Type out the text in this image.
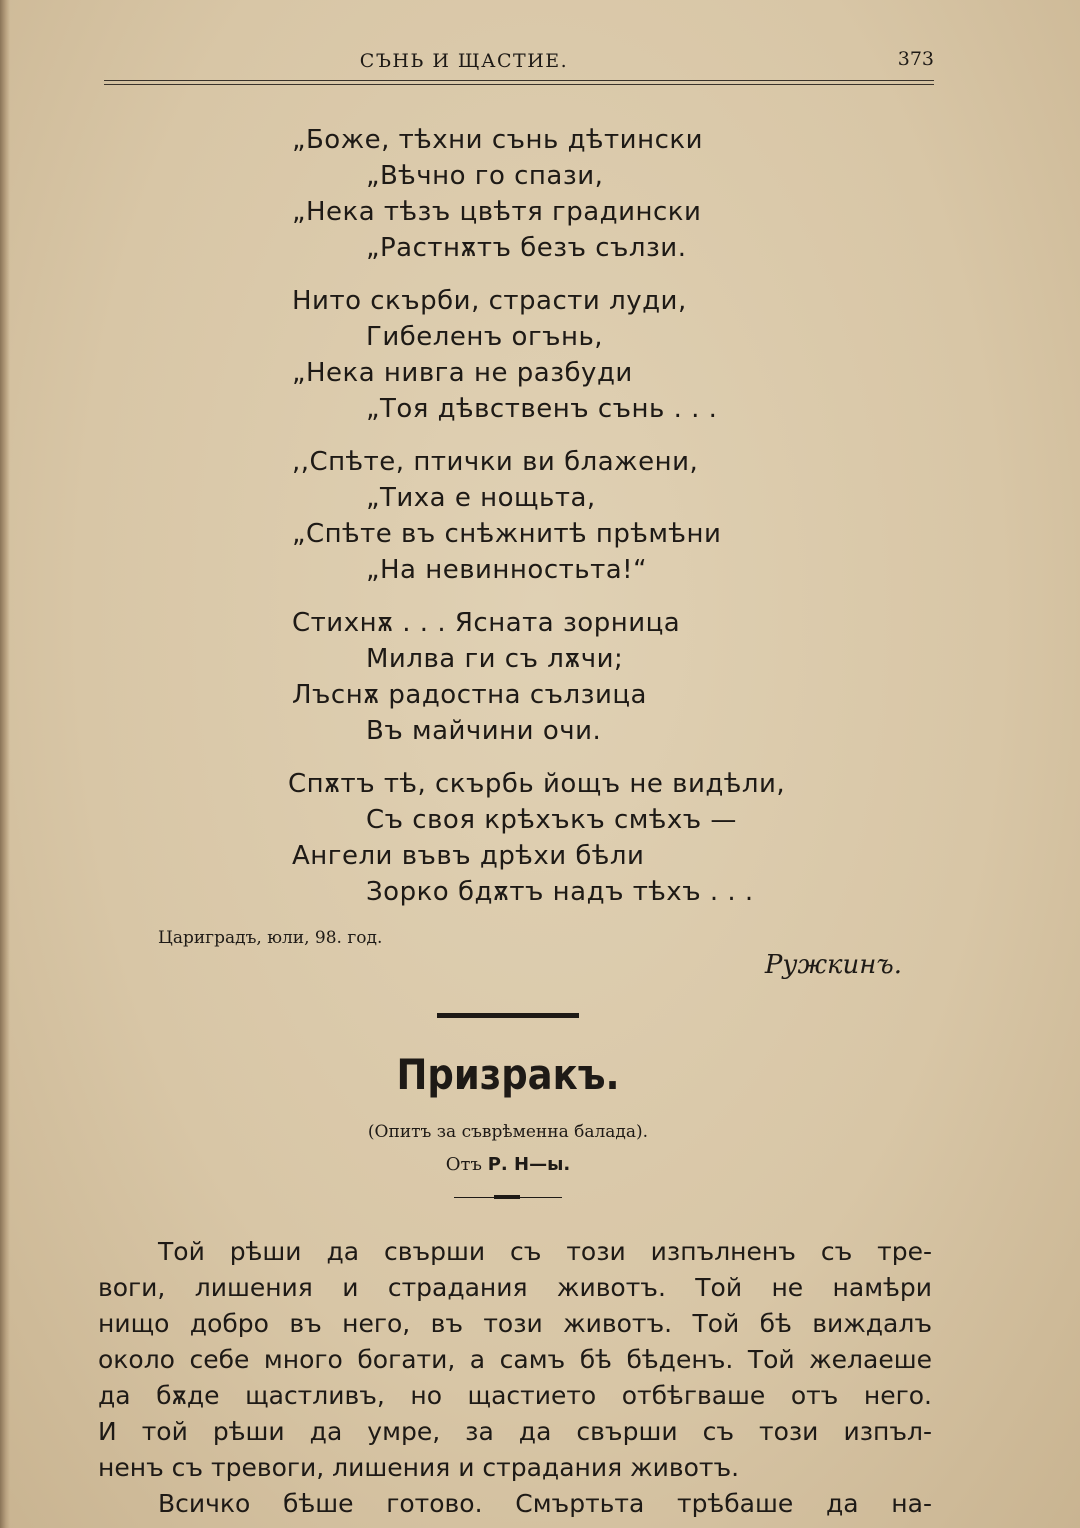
СЪНЬ И ЩАСТИЕ.	373
„Боже, тѣхни сънь дѣтински
„Вѣчно го спази,
„Нека тѣзъ цвѣтя градински
„Растнѫтъ безъ сълзи.
Нито скърби, страсти луди,
Гибеленъ огънь,
„Нека нивга не разбуди
„Тоя дѣвственъ сънь . . .
,,Спѣте, птички ви блажени,
„Тиха е нощьта,
„Спѣте въ снѣжнитѣ прѣмѣни
„На невинностьта!“
Стихнѫ . . . Ясната зорница
Милва ги съ лѫчи;
Лъснѫ радостна сълзица
Въ майчини очи.
Спѫтъ тѣ, скърбь йощъ не видѣли,
Съ своя крѣхъкъ смѣхъ —
Ангели въвъ дрѣхи бѣли
Зорко бдѫтъ надъ тѣхъ . . .
Цариградъ, юли, 98. год.
Ружкинъ.
Призракъ.
(Опитъ за съврѣменна балада).
Отъ Р. Н—ы.
Той рѣши да свърши съ този изпълненъ съ тре-
воги, лишения и страдания животъ. Той не намѣри
нищо добро въ него, въ този животъ. Той бѣ виждалъ
около себе много богати, а самъ бѣ бѣденъ. Той желаеше
да бѫде щастливъ, но щастието отбѣгваше отъ него.
И той рѣши да умре, за да свърши съ този изпъл-
ненъ съ тревоги, лишения и страдания животъ.
Всичко бѣше готово. Смъртьта трѣбаше да на-
